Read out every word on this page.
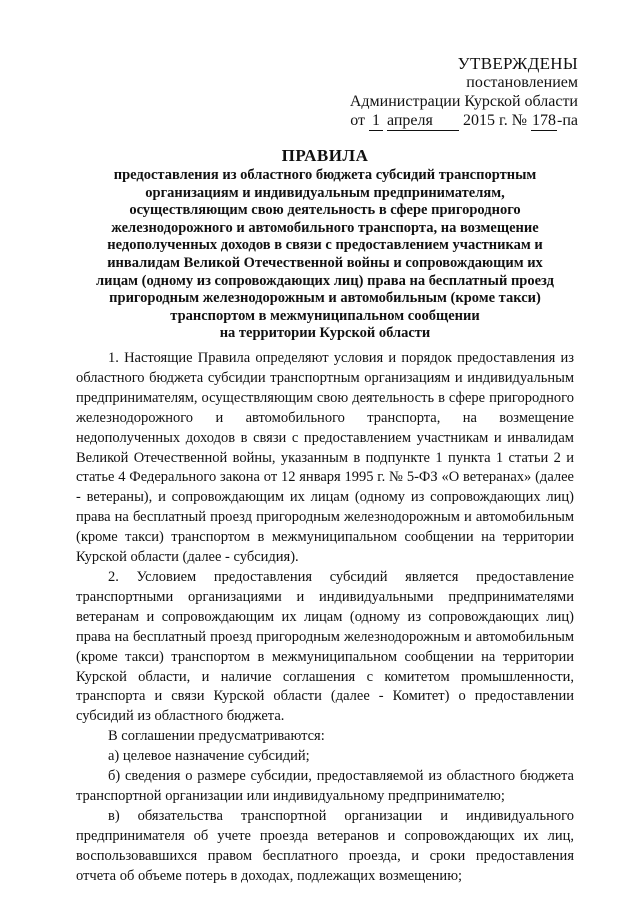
УТВЕРЖДЕНЫ
постановлением
Администрации Курской области
от 1 апреля 2015 г. № 178-па
ПРАВИЛА
предоставления из областного бюджета субсидий транспортным
организациям и индивидуальным предпринимателям,
осуществляющим свою деятельность в сфере пригородного
железнодорожного и автомобильного транспорта, на возмещение
недополученных доходов в связи с предоставлением участникам и
инвалидам Великой Отечественной войны и сопровождающим их
лицам (одному из сопровождающих лиц) права на бесплатный проезд
пригородным железнодорожным и автомобильным (кроме такси)
транспортом в межмуниципальном сообщении
на территории Курской области

1. Настоящие Правила определяют условия и порядок предоставления из областного бюджета субсидии транспортным организациям и индивидуальным предпринимателям, осуществляющим свою деятельность в сфере пригородного железнодорожного и автомобильного транспорта, на возмещение недополученных доходов в связи с предоставлением участникам и инвалидам Великой Отечественной войны, указанным в подпункте 1 пункта 1 статьи 2 и статье 4 Федерального закона от 12 января 1995 г. № 5-ФЗ «О ветеранах» (далее - ветераны), и сопровождающим их лицам (одному из сопровождающих лиц) права на бесплатный проезд пригородным железнодорожным и автомобильным (кроме такси) транспортом в межмуниципальном сообщении на территории Курской области (далее - субсидия).

2. Условием предоставления субсидий является предоставление транспортными организациями и индивидуальными предпринимателями ветеранам и сопровождающим их лицам (одному из сопровождающих лиц) права на бесплатный проезд пригородным железнодорожным и автомобильным (кроме такси) транспортом в межмуниципальном сообщении на территории Курской области, и наличие соглашения с комитетом промышленности, транспорта и связи Курской области (далее - Комитет) о предоставлении субсидий из областного бюджета.

В соглашении предусматриваются:

а) целевое назначение субсидий;

б) сведения о размере субсидии, предоставляемой из областного бюджета транспортной организации или индивидуальному предпринимателю;

в) обязательства транспортной организации и индивидуального предпринимателя об учете проезда ветеранов и сопровождающих их лиц, воспользовавшихся правом бесплатного проезда, и сроки предоставления отчета об объеме потерь в доходах, подлежащих возмещению;
